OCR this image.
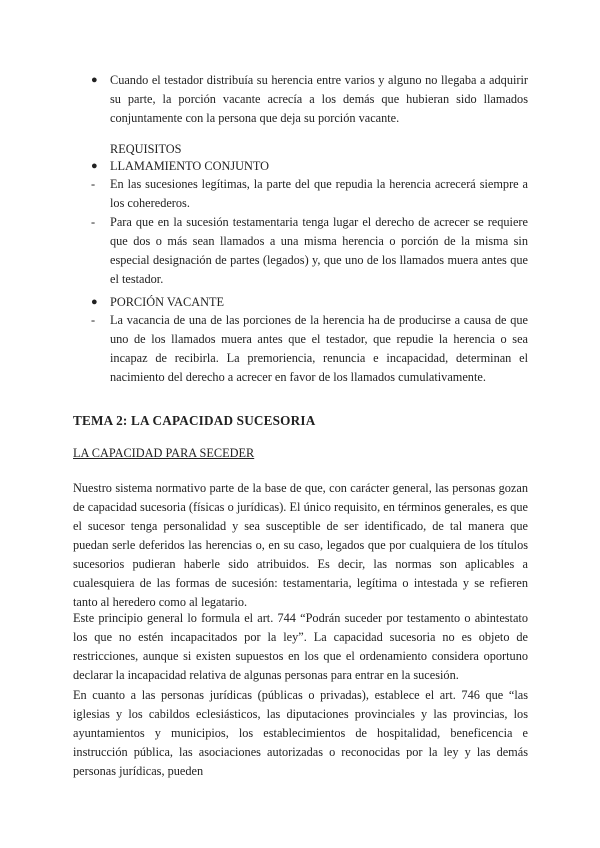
● Cuando el testador distribuía su herencia entre varios y alguno no llegaba a adquirir su parte, la porción vacante acrecía a los demás que hubieran sido llamados conjuntamente con la persona que deja su porción vacante.
REQUISITOS
● LLAMAMIENTO CONJUNTO
- En las sucesiones legítimas, la parte del que repudia la herencia acrecerá siempre a los coherederos.
- Para que en la sucesión testamentaria tenga lugar el derecho de acrecer se requiere que dos o más sean llamados a una misma herencia o porción de la misma sin especial designación de partes (legados) y, que uno de los llamados muera antes que el testador.
● PORCIÓN VACANTE
- La vacancia de una de las porciones de la herencia ha de producirse a causa de que uno de los llamados muera antes que el testador, que repudie la herencia o sea incapaz de recibirla. La premoriencia, renuncia e incapacidad, determinan el nacimiento del derecho a acrecer en favor de los llamados cumulativamente.
TEMA 2: LA CAPACIDAD SUCESORIA
LA CAPACIDAD PARA SECEDER

Nuestro sistema normativo parte de la base de que, con carácter general, las personas gozan de capacidad sucesoria (físicas o jurídicas). El único requisito, en términos generales, es que el sucesor tenga personalidad y sea susceptible de ser identificado, de tal manera que puedan serle deferidos las herencias o, en su caso, legados que por cualquiera de los títulos sucesorios pudieran haberle sido atribuidos. Es decir, las normas son aplicables a cualesquiera de las formas de sucesión: testamentaria, legítima o intestada y se refieren tanto al heredero como al legatario.

Este principio general lo formula el art. 744 “Podrán suceder por testamento o abintestato los que no estén incapacitados por la ley”. La capacidad sucesoria no es objeto de restricciones, aunque si existen supuestos en los que el ordenamiento considera oportuno declarar la incapacidad relativa de algunas personas para entrar en la sucesión.

En cuanto a las personas jurídicas (públicas o privadas), establece el art. 746 que “las iglesias y los cabildos eclesiásticos, las diputaciones provinciales y las provincias, los ayuntamientos y municipios, los establecimientos de hospitalidad, beneficencia e instrucción pública, las asociaciones autorizadas o reconocidas por la ley y las demás personas jurídicas, pueden
